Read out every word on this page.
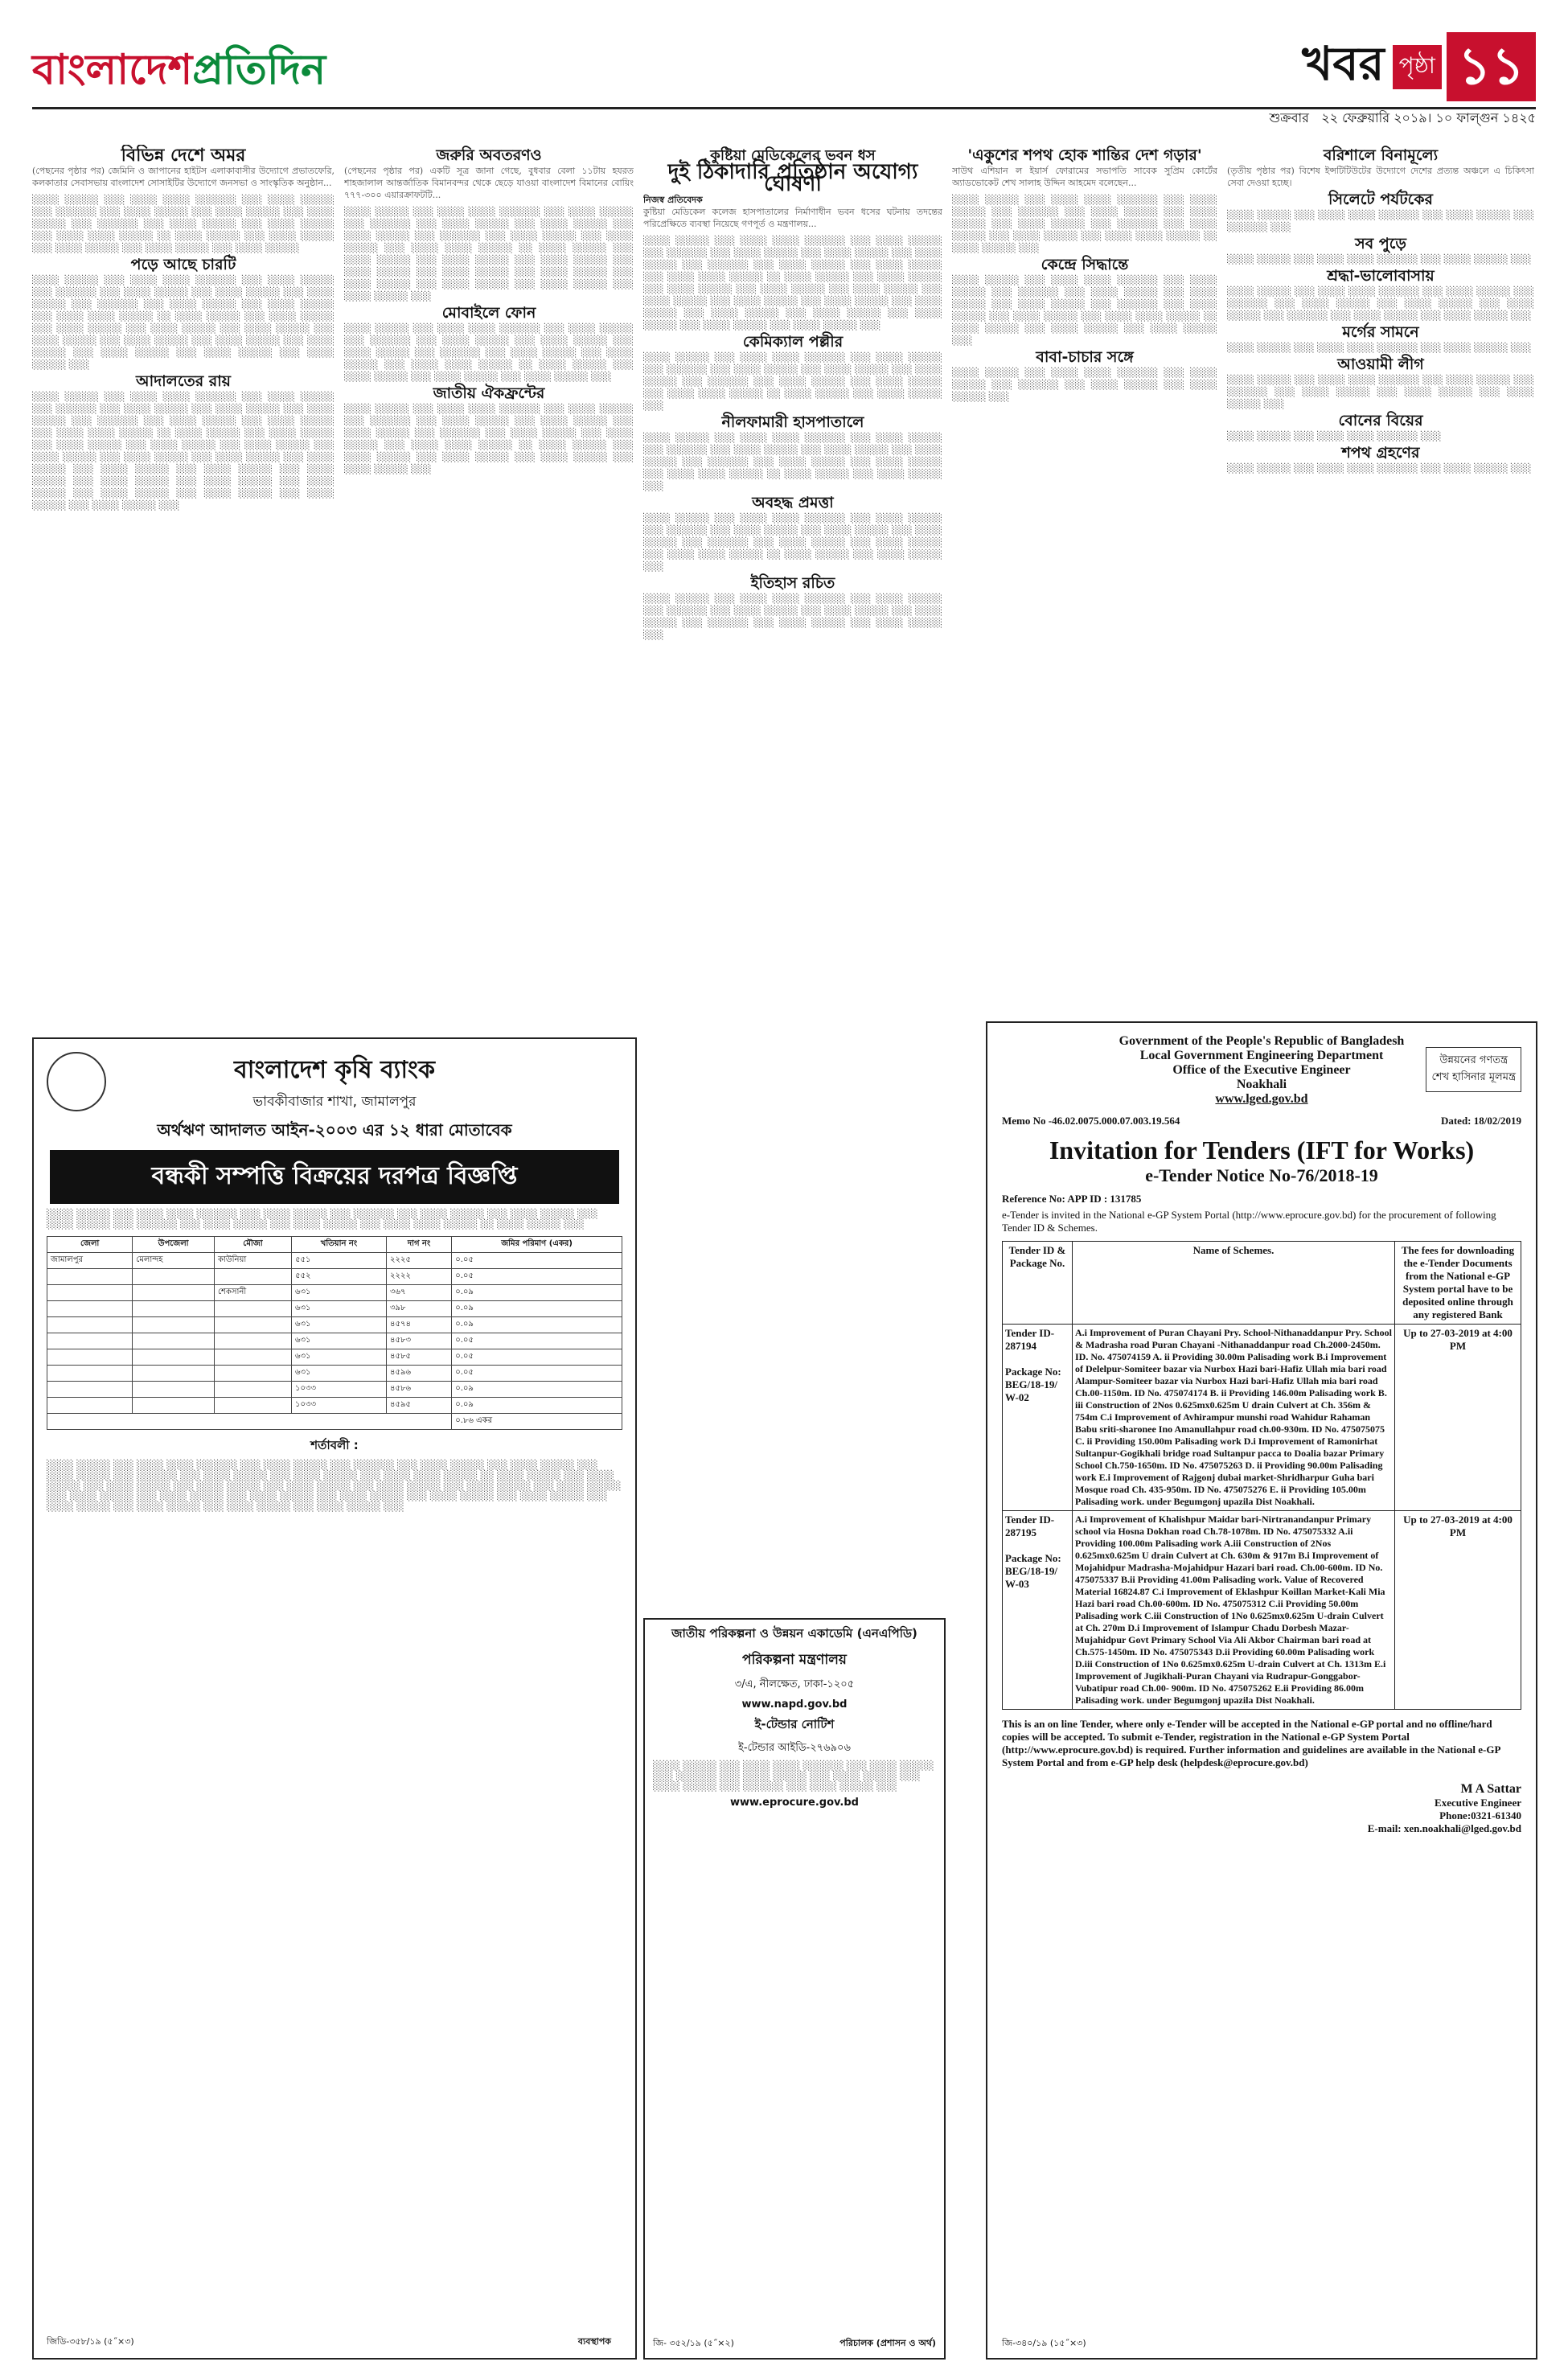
বাংলাদেশপ্রতিদিন	খবর পৃষ্ঠা ১১
শুক্রবার ২২ ফেব্রুয়ারি ২০১৯। ১০ ফাল্গুন ১৪২৫
বিভিন্ন দেশে অমর

(পেছনের পৃষ্ঠার পর) জেমিনি ও জাপানের হাইটস এলাকাবাসীর উদ্যোগে প্রভাতফেরি, কলকাতার সেবাসভায় বাংলাদেশ সোসাইটির উদ্যোগে জনসভা ও সাংস্কৃতিক অনুষ্ঠান...

░░░░ ░░░░░ ░░░ ░░░░ ░░░░ ░░░░░░ ░░░ ░░░░ ░░░░░ ░░░ ░░░░░░ ░░░ ░░░░ ░░░░░ ░░░ ░░░░ ░░░░░ ░░░ ░░░░ ░░░░░ ░░░ ░░░░░░ ░░░ ░░░░ ░░░░░ ░░░ ░░░░ ░░░░░ ░░░ ░░░░ ░░░░ ░░░░░ ░░ ░░░░ ░░░░░ ░░░ ░░░░ ░░░░░ ░░░ ░░░░ ░░░░░ ░░░ ░░░░ ░░░░░ ░░░ ░░░░ ░░░░░

পড়ে আছে চারটি

░░░░ ░░░░░ ░░░ ░░░░ ░░░░ ░░░░░░ ░░░ ░░░░ ░░░░░ ░░░ ░░░░░░ ░░░ ░░░░ ░░░░░ ░░░ ░░░░ ░░░░░ ░░░ ░░░░ ░░░░░ ░░░ ░░░░░░ ░░░ ░░░░ ░░░░░ ░░░ ░░░░ ░░░░░ ░░░ ░░░░ ░░░░ ░░░░░ ░░ ░░░░ ░░░░░ ░░░ ░░░░ ░░░░░ ░░░ ░░░░ ░░░░░ ░░░ ░░░░ ░░░░░ ░░░ ░░░░ ░░░░░ ░░░ ░░░░ ░░░░░ ░░░ ░░░░ ░░░░░ ░░░ ░░░░ ░░░░░ ░░░ ░░░░ ░░░░░ ░░░ ░░░░ ░░░░░ ░░░ ░░░░ ░░░░░ ░░░ ░░░░ ░░░░░ ░░░

আদালতের রায়

░░░░ ░░░░░ ░░░ ░░░░ ░░░░ ░░░░░░ ░░░ ░░░░ ░░░░░ ░░░ ░░░░░░ ░░░ ░░░░ ░░░░░ ░░░ ░░░░ ░░░░░ ░░░ ░░░░ ░░░░░ ░░░ ░░░░░░ ░░░ ░░░░ ░░░░░ ░░░ ░░░░ ░░░░░ ░░░ ░░░░ ░░░░ ░░░░░ ░░ ░░░░ ░░░░░ ░░░ ░░░░ ░░░░░ ░░░ ░░░░ ░░░░░ ░░░ ░░░░ ░░░░░ ░░░ ░░░░ ░░░░░ ░░░ ░░░░ ░░░░░ ░░░ ░░░░ ░░░░░ ░░░ ░░░░ ░░░░░ ░░░ ░░░░ ░░░░░ ░░░ ░░░░ ░░░░░ ░░░ ░░░░ ░░░░░ ░░░ ░░░░ ░░░░░ ░░░ ░░░░ ░░░░░ ░░░ ░░░░ ░░░░░ ░░░ ░░░░ ░░░░░ ░░░ ░░░░ ░░░░░ ░░░ ░░░░ ░░░░░ ░░░ ░░░░ ░░░░░ ░░░ ░░░░ ░░░░░ ░░░

জরুরি অবতরণও

(পেছনের পৃষ্ঠার পর) একটি সূত্র জানা গেছে, বুধবার বেলা ১১টায় হযরত শাহজালাল আন্তর্জাতিক বিমানবন্দর থেকে ছেড়ে যাওয়া বাংলাদেশ বিমানের বোয়িং ৭৭৭-৩০০ এয়ারক্রাফটটি...

░░░░ ░░░░░ ░░░ ░░░░ ░░░░ ░░░░░░ ░░░ ░░░░ ░░░░░ ░░░ ░░░░░░ ░░░ ░░░░ ░░░░░ ░░░ ░░░░ ░░░░░ ░░░ ░░░░ ░░░░░ ░░░ ░░░░░░ ░░░ ░░░░ ░░░░░ ░░░ ░░░░ ░░░░░ ░░░ ░░░░ ░░░░ ░░░░░ ░░ ░░░░ ░░░░░ ░░░ ░░░░ ░░░░░ ░░░ ░░░░ ░░░░░ ░░░ ░░░░ ░░░░░ ░░░ ░░░░ ░░░░░ ░░░ ░░░░ ░░░░░ ░░░ ░░░░ ░░░░░ ░░░ ░░░░ ░░░░░ ░░░ ░░░░ ░░░░░ ░░░ ░░░░ ░░░░░ ░░░ ░░░░ ░░░░░ ░░░

মোবাইলে ফোন

░░░░ ░░░░░ ░░░ ░░░░ ░░░░ ░░░░░░ ░░░ ░░░░ ░░░░░ ░░░ ░░░░░░ ░░░ ░░░░ ░░░░░ ░░░ ░░░░ ░░░░░ ░░░ ░░░░ ░░░░░ ░░░ ░░░░░░ ░░░ ░░░░ ░░░░░ ░░░ ░░░░ ░░░░░ ░░░ ░░░░ ░░░░ ░░░░░ ░░ ░░░░ ░░░░░ ░░░ ░░░░ ░░░░░ ░░░ ░░░░ ░░░░░ ░░░ ░░░░ ░░░░░ ░░░

জাতীয় ঐকফ্রন্টের

░░░░ ░░░░░ ░░░ ░░░░ ░░░░ ░░░░░░ ░░░ ░░░░ ░░░░░ ░░░ ░░░░░░ ░░░ ░░░░ ░░░░░ ░░░ ░░░░ ░░░░░ ░░░ ░░░░ ░░░░░ ░░░ ░░░░░░ ░░░ ░░░░ ░░░░░ ░░░ ░░░░ ░░░░░ ░░░ ░░░░ ░░░░ ░░░░░ ░░ ░░░░ ░░░░░ ░░░ ░░░░ ░░░░░ ░░░ ░░░░ ░░░░░ ░░░ ░░░░ ░░░░░ ░░░ ░░░░ ░░░░░ ░░░

কুষ্টিয়া মেডিকেলের ভবন ধস
দুই ঠিকাদারি প্রতিষ্ঠান অযোগ্য ঘোষণা
নিজস্ব প্রতিবেদক

কুষ্টিয়া মেডিকেল কলেজ হাসপাতালের নির্মাণাধীন ভবন ধসের ঘটনায় তদন্তের পরিপ্রেক্ষিতে ব্যবস্থা নিয়েছে গণপূর্ত ও মন্ত্রণালয়...

░░░░ ░░░░░ ░░░ ░░░░ ░░░░ ░░░░░░ ░░░ ░░░░ ░░░░░ ░░░ ░░░░░░ ░░░ ░░░░ ░░░░░ ░░░ ░░░░ ░░░░░ ░░░ ░░░░ ░░░░░ ░░░ ░░░░░░ ░░░ ░░░░ ░░░░░ ░░░ ░░░░ ░░░░░ ░░░ ░░░░ ░░░░ ░░░░░ ░░ ░░░░ ░░░░░ ░░░ ░░░░ ░░░░░ ░░░ ░░░░ ░░░░░ ░░░ ░░░░ ░░░░░ ░░░ ░░░░ ░░░░░ ░░░ ░░░░ ░░░░░ ░░░ ░░░░ ░░░░░ ░░░ ░░░░ ░░░░░ ░░░ ░░░░ ░░░░░ ░░░ ░░░░ ░░░░░ ░░░ ░░░░ ░░░░░ ░░░ ░░░░ ░░░░░ ░░░ ░░░░ ░░░░░ ░░░ ░░░░ ░░░░░ ░░░

কেমিক্যাল পল্লীর

░░░░ ░░░░░ ░░░ ░░░░ ░░░░ ░░░░░░ ░░░ ░░░░ ░░░░░ ░░░ ░░░░░░ ░░░ ░░░░ ░░░░░ ░░░ ░░░░ ░░░░░ ░░░ ░░░░ ░░░░░ ░░░ ░░░░░░ ░░░ ░░░░ ░░░░░ ░░░ ░░░░ ░░░░░ ░░░ ░░░░ ░░░░ ░░░░░ ░░ ░░░░ ░░░░░ ░░░ ░░░░ ░░░░░ ░░░

নীলফামারী হাসপাতালে

░░░░ ░░░░░ ░░░ ░░░░ ░░░░ ░░░░░░ ░░░ ░░░░ ░░░░░ ░░░ ░░░░░░ ░░░ ░░░░ ░░░░░ ░░░ ░░░░ ░░░░░ ░░░ ░░░░ ░░░░░ ░░░ ░░░░░░ ░░░ ░░░░ ░░░░░ ░░░ ░░░░ ░░░░░ ░░░ ░░░░ ░░░░ ░░░░░ ░░ ░░░░ ░░░░░ ░░░ ░░░░ ░░░░░ ░░░

অবহদ্ধ প্রমত্তা

░░░░ ░░░░░ ░░░ ░░░░ ░░░░ ░░░░░░ ░░░ ░░░░ ░░░░░ ░░░ ░░░░░░ ░░░ ░░░░ ░░░░░ ░░░ ░░░░ ░░░░░ ░░░ ░░░░ ░░░░░ ░░░ ░░░░░░ ░░░ ░░░░ ░░░░░ ░░░ ░░░░ ░░░░░ ░░░ ░░░░ ░░░░ ░░░░░ ░░ ░░░░ ░░░░░ ░░░ ░░░░ ░░░░░ ░░░

ইতিহাস রচিত

░░░░ ░░░░░ ░░░ ░░░░ ░░░░ ░░░░░░ ░░░ ░░░░ ░░░░░ ░░░ ░░░░░░ ░░░ ░░░░ ░░░░░ ░░░ ░░░░ ░░░░░ ░░░ ░░░░ ░░░░░ ░░░ ░░░░░░ ░░░ ░░░░ ░░░░░ ░░░ ░░░░ ░░░░░ ░░░

'একুশের শপথ হোক শান্তির দেশ গড়ার'

সাউথ এশিয়ান ল ইয়ার্স ফোরামের সভাপতি সাবেক সুপ্রিম কোর্টের অ্যাডভোকেট শেখ সালাহ উদ্দিন আহমেদ বলেছেন...

░░░░ ░░░░░ ░░░ ░░░░ ░░░░ ░░░░░░ ░░░ ░░░░ ░░░░░ ░░░ ░░░░░░ ░░░ ░░░░ ░░░░░ ░░░ ░░░░ ░░░░░ ░░░ ░░░░ ░░░░░ ░░░ ░░░░░░ ░░░ ░░░░ ░░░░░ ░░░ ░░░░ ░░░░░ ░░░ ░░░░ ░░░░ ░░░░░ ░░ ░░░░ ░░░░░ ░░░

কেন্দ্রে সিদ্ধান্তে

░░░░ ░░░░░ ░░░ ░░░░ ░░░░ ░░░░░░ ░░░ ░░░░ ░░░░░ ░░░ ░░░░░░ ░░░ ░░░░ ░░░░░ ░░░ ░░░░ ░░░░░ ░░░ ░░░░ ░░░░░ ░░░ ░░░░░░ ░░░ ░░░░ ░░░░░ ░░░ ░░░░ ░░░░░ ░░░ ░░░░ ░░░░ ░░░░░ ░░ ░░░░ ░░░░░ ░░░ ░░░░ ░░░░░ ░░░ ░░░░ ░░░░░ ░░░

বাবা-চাচার সঙ্গে

░░░░ ░░░░░ ░░░ ░░░░ ░░░░ ░░░░░░ ░░░ ░░░░ ░░░░░ ░░░ ░░░░░░ ░░░ ░░░░ ░░░░░ ░░░ ░░░░ ░░░░░ ░░░

বরিশালে বিনামূল্যে

(তৃতীয় পৃষ্ঠার পর) বিশেষ ইন্সটিটিউটের উদ্যোগে দেশের প্রত্যন্ত অঞ্চলে এ চিকিৎসা সেবা দেওয়া হচ্ছে।

সিলেটে পর্যটকের

░░░░ ░░░░░ ░░░ ░░░░ ░░░░ ░░░░░░ ░░░ ░░░░ ░░░░░ ░░░ ░░░░░░ ░░░

সব পুড়ে

░░░░ ░░░░░ ░░░ ░░░░ ░░░░ ░░░░░░ ░░░ ░░░░ ░░░░░ ░░░

শ্রদ্ধা-ভালোবাসায়

░░░░ ░░░░░ ░░░ ░░░░ ░░░░ ░░░░░░ ░░░ ░░░░ ░░░░░ ░░░ ░░░░░░ ░░░ ░░░░ ░░░░░ ░░░ ░░░░ ░░░░░ ░░░ ░░░░ ░░░░░ ░░░ ░░░░░░ ░░░ ░░░░ ░░░░░ ░░░ ░░░░ ░░░░░ ░░░

মর্গের সামনে

░░░░ ░░░░░ ░░░ ░░░░ ░░░░ ░░░░░░ ░░░ ░░░░ ░░░░░ ░░░

আওয়ামী লীগ

░░░░ ░░░░░ ░░░ ░░░░ ░░░░ ░░░░░░ ░░░ ░░░░ ░░░░░ ░░░ ░░░░░░ ░░░ ░░░░ ░░░░░ ░░░ ░░░░ ░░░░░ ░░░ ░░░░ ░░░░░ ░░░

বোনের বিয়ের

░░░░ ░░░░░ ░░░ ░░░░ ░░░░ ░░░░░░ ░░░

শপথ গ্রহণের

░░░░ ░░░░░ ░░░ ░░░░ ░░░░ ░░░░░░ ░░░ ░░░░ ░░░░░ ░░░

বাংলাদেশ কৃষি ব্যাংক
ভাবকীবাজার শাখা, জামালপুর
অর্থঋণ আদালত আইন-২০০৩ এর ১২ ধারা মোতাবেক
বন্ধকী সম্পত্তি বিক্রয়ের দরপত্র বিজ্ঞপ্তি

░░░░ ░░░░░ ░░░ ░░░░ ░░░░ ░░░░░░ ░░░ ░░░░ ░░░░░ ░░░ ░░░░░░ ░░░ ░░░░ ░░░░░ ░░░ ░░░░ ░░░░░ ░░░ ░░░░ ░░░░░ ░░░ ░░░░░░ ░░░ ░░░░ ░░░░░ ░░░ ░░░░ ░░░░░ ░░░ ░░░░ ░░░░ ░░░░░ ░░ ░░░░ ░░░░░ ░░░

জেলা	উপজেলা	মৌজা	খতিয়ান নং	দাগ নং	জমির পরিমাণ (একর)
জামালপুর	মেলান্দহ	কাউনিয়া	৫৫১	২২২৫	০.০৫
			৫৫২	২২২২	০.০৫
		শেকসানী	৬৩১	৩৬৭	০.০৯
			৬৩১	৩৯৮	০.০৯
			৬৩১	৪৫৭৪	০.০৯
			৬৩১	৪৫৮৩	০.০৫
			৬৩১	৪৫৮৫	০.০৫
			৬৩১	৪৫৯৬	০.০৫
			১০৩৩	৪৫৮৬	০.০৯
			১০৩৩	৪৫৯৫	০.০৯
					০.৮৬ একর
শর্তাবলী :

░░░░ ░░░░░ ░░░ ░░░░ ░░░░ ░░░░░░ ░░░ ░░░░ ░░░░░ ░░░ ░░░░░░ ░░░ ░░░░ ░░░░░ ░░░ ░░░░ ░░░░░ ░░░ ░░░░ ░░░░░ ░░░ ░░░░░░ ░░░ ░░░░ ░░░░░ ░░░ ░░░░ ░░░░░ ░░░ ░░░░ ░░░░ ░░░░░ ░░ ░░░░ ░░░░░ ░░░ ░░░░ ░░░░░ ░░░ ░░░░ ░░░░░ ░░░ ░░░░ ░░░░░ ░░░ ░░░░ ░░░░░ ░░░ ░░░░ ░░░░░ ░░░ ░░░░ ░░░░░ ░░░ ░░░░ ░░░░░ ░░░ ░░░░ ░░░░░ ░░░ ░░░░ ░░░░░ ░░░ ░░░░ ░░░░░ ░░░ ░░░░ ░░░░░ ░░░ ░░░░ ░░░░░ ░░░ ░░░░ ░░░░░ ░░░ ░░░░ ░░░░░ ░░░ ░░░░ ░░░░░ ░░░ ░░░░ ░░░░░ ░░░ ░░░░ ░░░░░ ░░░

জিডি-৩৫৮/১৯ (৫˝×৩)	ব্যবস্থাপক
জাতীয় পরিকল্পনা ও উন্নয়ন একাডেমি (এনএপিডি)
পরিকল্পনা মন্ত্রণালয়
৩/এ, নীলক্ষেত, ঢাকা-১২০৫
www.napd.gov.bd
ই-টেন্ডার নোটিশ
ই-টেন্ডার আইডি-২৭৬৯০৬

░░░░ ░░░░░ ░░░ ░░░░ ░░░░ ░░░░░░ ░░░ ░░░░ ░░░░░ ░░░ ░░░░░░ ░░░ ░░░░ ░░░░░ ░░░ ░░░░ ░░░░░ ░░░ ░░░░ ░░░░░ ░░░ ░░░░░░ ░░░ ░░░░ ░░░░░ ░░░

www.eprocure.gov.bd
জি- ৩৫২/১৯ (৫˝×২)	পরিচালক (প্রশাসন ও অর্থ)
Government of the People's Republic of Bangladesh
Local Government Engineering Department
Office of the Executive Engineer
Noakhali
www.lged.gov.bd
উন্নয়নের গণতন্ত্র
শেখ হাসিনার মূলমন্ত্র
Memo No -46.02.0075.000.07.003.19.564	Dated: 18/02/2019
Invitation for Tenders (IFT for Works)
e-Tender Notice No-76/2018-19
Reference No: APP ID : 131785
e-Tender is invited in the National e-GP System Portal (http://www.eprocure.gov.bd) for the procurement of following Tender ID & Schemes.
Tender ID & Package No.	Name of Schemes.	The fees for downloading the e-Tender Documents from the National e-GP System portal have to be deposited online through any registered Bank

Tender ID-287194

Package No: BEG/18-19/ W-02	A.i Improvement of Puran Chayani Pry. School-Nithanaddanpur Pry. School & Madrasha road Puran Chayani -Nithanaddanpur road Ch.2000-2450m. ID. No. 475074159 A. ii Providing 30.00m Palisading work B.i Improvement of Delelpur-Somiteer bazar via Nurbox Hazi bari-Hafiz Ullah mia bari road Alampur-Somiteer bazar via Nurbox Hazi bari-Hafiz Ullah mia bari road Ch.00-1150m. ID No. 475074174 B. ii Providing 146.00m Palisading work B. iii Construction of 2Nos 0.625mx0.625m U drain Culvert at Ch. 356m & 754m C.i Improvement of Avhirampur munshi road Wahidur Rahaman Babu sriti-sharonee Ino Amanullahpur road ch.00-930m. ID No. 475075075 C. ii Providing 150.00m Palisading work D.i Improvement of Ramonirhat Sultanpur-Gogikhali bridge road Sultanpur pacca to Doalia bazar Primary School Ch.750-1650m. ID No. 475075263 D. ii Providing 90.00m Palisading work E.i Improvement of Rajgonj dubai market-Shridharpur Guha bari Mosque road Ch. 435-950m. ID No. 475075276 E. ii Providing 105.00m Palisading work. under Begumgonj upazila Dist Noakhali.	Up to 27-03-2019 at 4:00 PM

Tender ID-287195

Package No: BEG/18-19/ W-03	A.i Improvement of Khalishpur Maidar bari-Nirtranandanpur Primary school via Hosna Dokhan road Ch.78-1078m. ID No. 475075332 A.ii Providing 100.00m Palisading work A.iii Construction of 2Nos 0.625mx0.625m U drain Culvert at Ch. 630m & 917m B.i Improvement of Mojahidpur Madrasha-Mojahidpur Hazari bari road. Ch.00-600m. ID No. 475075337 B.ii Providing 41.00m Palisading work. Value of Recovered Material 16824.87 C.i Improvement of Eklashpur Koillan Market-Kali Mia Hazi bari road Ch.00-600m. ID No. 475075312 C.ii Providing 50.00m Palisading work C.iii Construction of 1No 0.625mx0.625m U-drain Culvert at Ch. 270m D.i Improvement of Islampur Chadu Dorbesh Mazar-Mujahidpur Govt Primary School Via Ali Akbor Chairman bari road at Ch.575-1450m. ID No. 475075343 D.ii Providing 60.00m Palisading work D.iii Construction of 1No 0.625mx0.625m U-drain Culvert at Ch. 1313m E.i Improvement of Jugikhali-Puran Chayani via Rudrapur-Gonggabor-Vubatipur road Ch.00- 900m. ID No. 475075262 E.ii Providing 86.00m Palisading work. under Begumgonj upazila Dist Noakhali.	Up to 27-03-2019 at 4:00 PM
This is an on line Tender, where only e-Tender will be accepted in the National e-GP portal and no offline/hard copies will be accepted. To submit e-Tender, registration in the National e-GP System Portal (http://www.eprocure.gov.bd) is required. Further information and guidelines are available in the National e-GP System Portal and from e-GP help desk (helpdesk@eprocure.gov.bd)
M A Sattar
Executive Engineer
Phone:0321-61340
E-mail: xen.noakhali@lged.gov.bd
জি-৩৪০/১৯ (১৫˝×৩)
